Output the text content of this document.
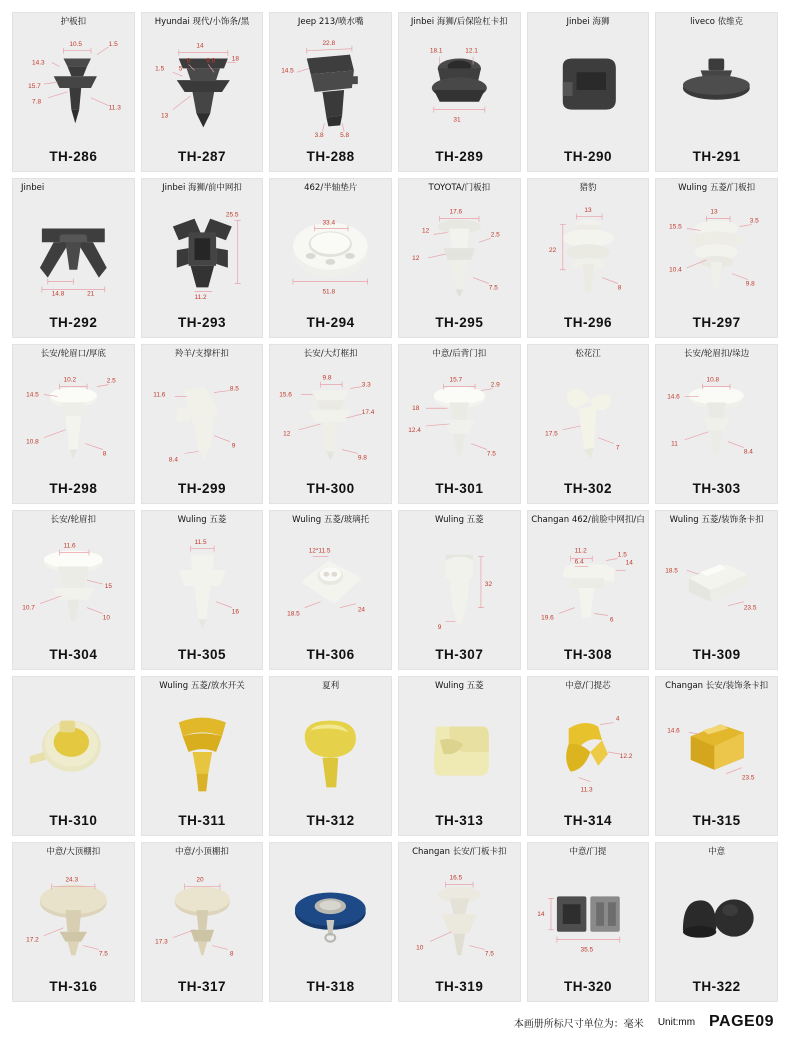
护板扣
10.5	1.5
14.3
15.7
7.8
11.3
TH-286
Hyundai 现代/小饰条/黑
14
8 8.8	18
1.5 5
13
TH-287
Jeep 213/喷水嘴
22.8
14.5
3.8	5.8
TH-288
Jinbei 海狮/后保险杠卡扣
18.1	12.1
31
TH-289
Jinbei 海狮
TH-290
liveco 依维克
TH-291
Jinbei
14.8	21
TH-292
Jinbei 海狮/前中网扣
25.5
11.2
TH-293
462/半轴垫片
33.4
51.8
TH-294
TOYOTA/门板扣
17.6
12
2.5
12
7.5
TH-295
猎豹
13
22
8
TH-296
Wuling 五菱/门板扣
13
15.5
3.5
10.4
9.8
TH-297
长安/轮眉口/厚底
10.2	2.5
14.5
10.8
8
TH-298
羚羊/支撑杆扣
11.6
8.5
9
8.4
TH-299
长安/大灯框扣
15.6
9.8
3.3
12
17.4
9.8
TH-300
中意/后背门扣
15.7
2.9
18
12.4
7.5
TH-301
松花江
17.5
7
TH-302
长安/轮眉扣/垛边
10.8
14.6
11
8.4
TH-303
长安/轮眉扣
11.6
15
10.7
10
TH-304
Wuling 五菱
11.5
16
TH-305
Wuling 五菱/玻璃托
12*11.5
18.5
24
TH-306
Wuling 五菱
32
9
TH-307
Changan 462/前脸中网扣/白
11.2
6.4
1.5
14
19.6	6
TH-308
Wuling 五菱/装饰条卡扣
18.5
23.5
TH-309
TH-310
Wuling 五菱/放水开关
TH-311
夏利
TH-312
Wuling 五菱
TH-313
中意/门提芯
4
12.2
11.3
TH-314
Changan 长安/装饰条卡扣
14.6
23.5
TH-315
中意/大顶棚扣
24.3
17.2
7.5
TH-316
中意/小顶棚扣
20
17.3
8
TH-317	TH-318
Changan 长安/门板卡扣
16.5
10
7.5
TH-319
中意/门提
14
35.5
TH-320
中意
TH-322
本画册所标尺寸单位为：毫米 Unit:mm PAGE09
